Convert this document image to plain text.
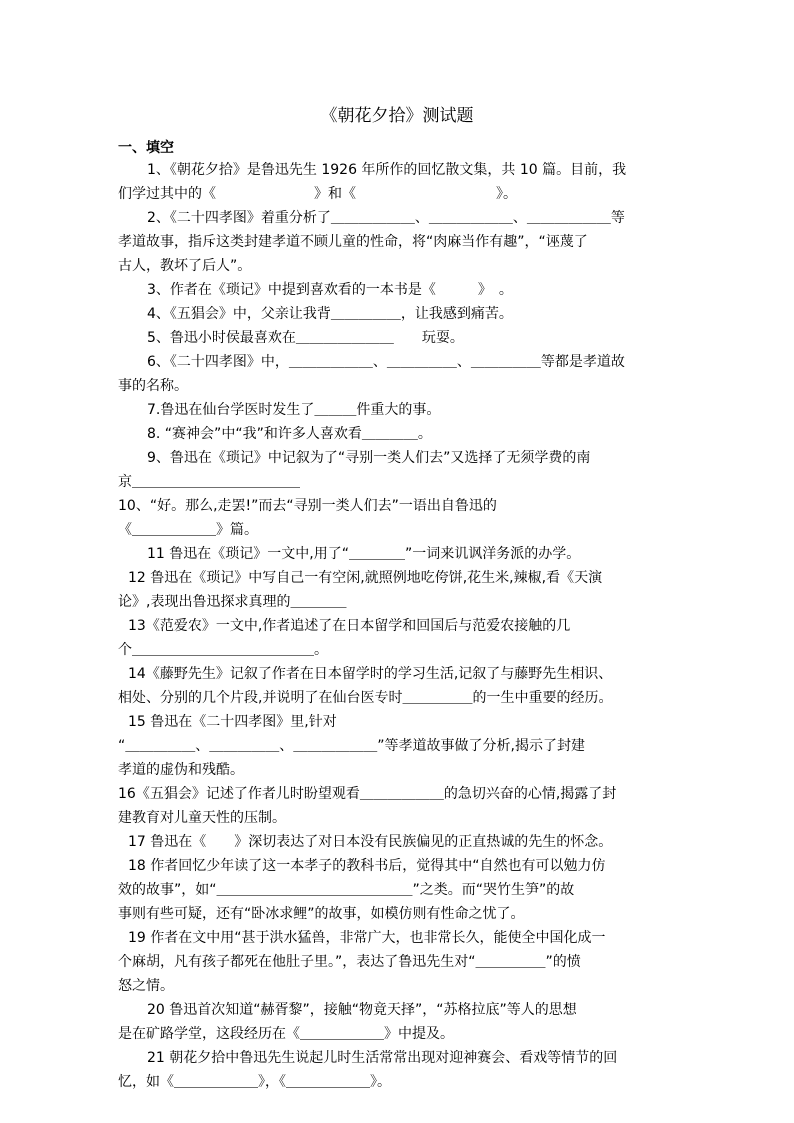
《朝花夕拾》测试题
一、填空
1、《朝花夕拾》是鲁迅先生 1926 年所作的回忆散文集，共 10 篇。目前，我
们学过其中的《　　　　　　　》和《　　　　　　　　　　》。
2、《二十四孝图》着重分析了＿＿＿＿＿＿、＿＿＿＿＿＿、＿＿＿＿＿＿等
孝道故事，指斥这类封建孝道不顾儿童的性命，将“肉麻当作有趣”，“诬蔑了
古人，教坏了后人”。
3、作者在《琐记》中提到喜欢看的一本书是《　　　》　。
4、《五猖会》中，父亲让我背＿＿＿＿＿，让我感到痛苦。
5、鲁迅小时侯最喜欢在＿＿＿＿＿＿＿　　玩耍。
6、《二十四孝图》中，＿＿＿＿＿＿、＿＿＿＿＿、＿＿＿＿＿等都是孝道故
事的名称。
7.鲁迅在仙台学医时发生了＿＿＿件重大的事。
8. “赛神会”中“我”和许多人喜欢看＿＿＿＿。
9、鲁迅在《琐记》中记叙为了“寻别一类人们去”又选择了无须学费的南
京＿＿＿＿＿＿＿＿＿＿＿＿
10、“好。那么,走罢!”而去“寻别一类人们去”一语出自鲁迅的
《＿＿＿＿＿＿》篇。
11 鲁迅在《琐记》一文中,用了“＿＿＿＿”一词来讥讽洋务派的办学。
12 鲁迅在《琐记》中写自己一有空闲,就照例地吃侉饼,花生米,辣椒,看《天演
论》,表现出鲁迅探求真理的＿＿＿＿
13《范爱农》一文中,作者追述了在日本留学和回国后与范爱农接触的几
个＿＿＿＿＿＿＿＿＿＿＿＿＿。
14《藤野先生》记叙了作者在日本留学时的学习生活,记叙了与藤野先生相识、
相处、分别的几个片段,并说明了在仙台医专时＿＿＿＿＿的一生中重要的经历。
15 鲁迅在《二十四孝图》里,针对
“＿＿＿＿＿、＿＿＿＿＿、＿＿＿＿＿＿”等孝道故事做了分析,揭示了封建
孝道的虚伪和残酷。
16《五猖会》记述了作者儿时盼望观看＿＿＿＿＿＿的急切兴奋的心情,揭露了封
建教育对儿童天性的压制。
17 鲁迅在《　　》深切表达了对日本没有民族偏见的正直热诚的先生的怀念。
18 作者回忆少年读了这一本孝子的教科书后，觉得其中“自然也有可以勉力仿
效的故事”，如“＿＿＿＿＿＿＿＿＿＿＿＿＿＿”之类。而“哭竹生笋”的故
事则有些可疑，还有“卧冰求鲤”的故事，如模仿则有性命之忧了。
19 作者在文中用“甚于洪水猛兽，非常广大，也非常长久，能使全中国化成一
个麻胡，凡有孩子都死在他肚子里。”，表达了鲁迅先生对“＿＿＿＿＿”的愤
怒之情。
20 鲁迅首次知道“赫胥黎”，接触“物竟天择”，“苏格拉底”等人的思想
是在矿路学堂，这段经历在《＿＿＿＿＿＿》中提及。
21 朝花夕拾中鲁迅先生说起儿时生活常常出现对迎神赛会、看戏等情节的回
忆，如《＿＿＿＿＿＿》，《＿＿＿＿＿＿》。
